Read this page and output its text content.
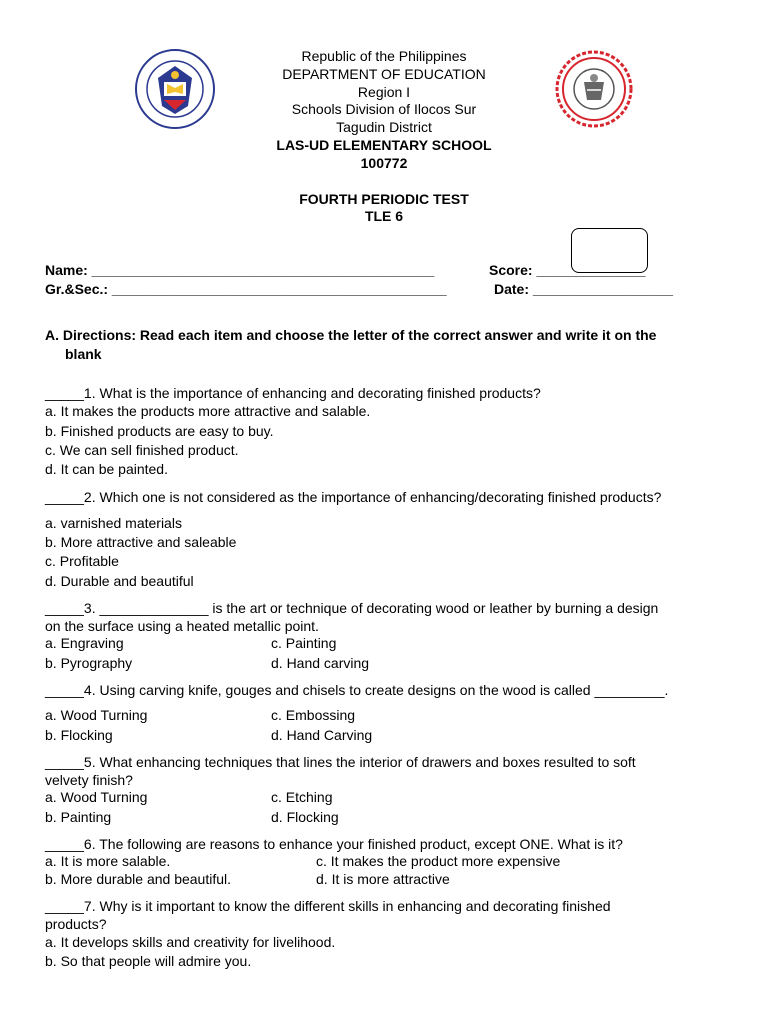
Republic of the Philippines
DEPARTMENT OF EDUCATION
Region I
Schools Division of Ilocos Sur
Tagudin District
LAS-UD ELEMENTARY SCHOOL
100772
FOURTH PERIODIC TEST
TLE 6
Name: ____________________________________________	Score: ______________
Gr.&Sec.: ___________________________________________	Date: __________________
A. Directions: Read each item and choose the letter of the correct answer and write it on the
blank
_____1. What is the importance of enhancing and decorating finished products?
a. It makes the products more attractive and salable.
b. Finished products are easy to buy.
c. We can sell finished product.
d. It can be painted.
_____2. Which one is not considered as the importance of enhancing/decorating finished products?
a. varnished materials
b. More attractive and saleable
c. Profitable
d. Durable and beautiful
_____3. ______________ is the art or technique of decorating wood or leather by burning a design
on the surface using a heated metallic point.
a. Engraving	c. Painting
b. Pyrography	d. Hand carving
_____4. Using carving knife, gouges and chisels to create designs on the wood is called _________.
a. Wood Turning	c. Embossing
b. Flocking	d. Hand Carving
_____5. What enhancing techniques that lines the interior of drawers and boxes resulted to soft
velvety finish?
a. Wood Turning	c. Etching
b. Painting	d. Flocking
_____6. The following are reasons to enhance your finished product, except ONE. What is it?
a. It is more salable.	c. It makes the product more expensive
b. More durable and beautiful.	d. It is more attractive
_____7. Why is it important to know the different skills in enhancing and decorating finished
products?
a. It develops skills and creativity for livelihood.
b. So that people will admire you.
